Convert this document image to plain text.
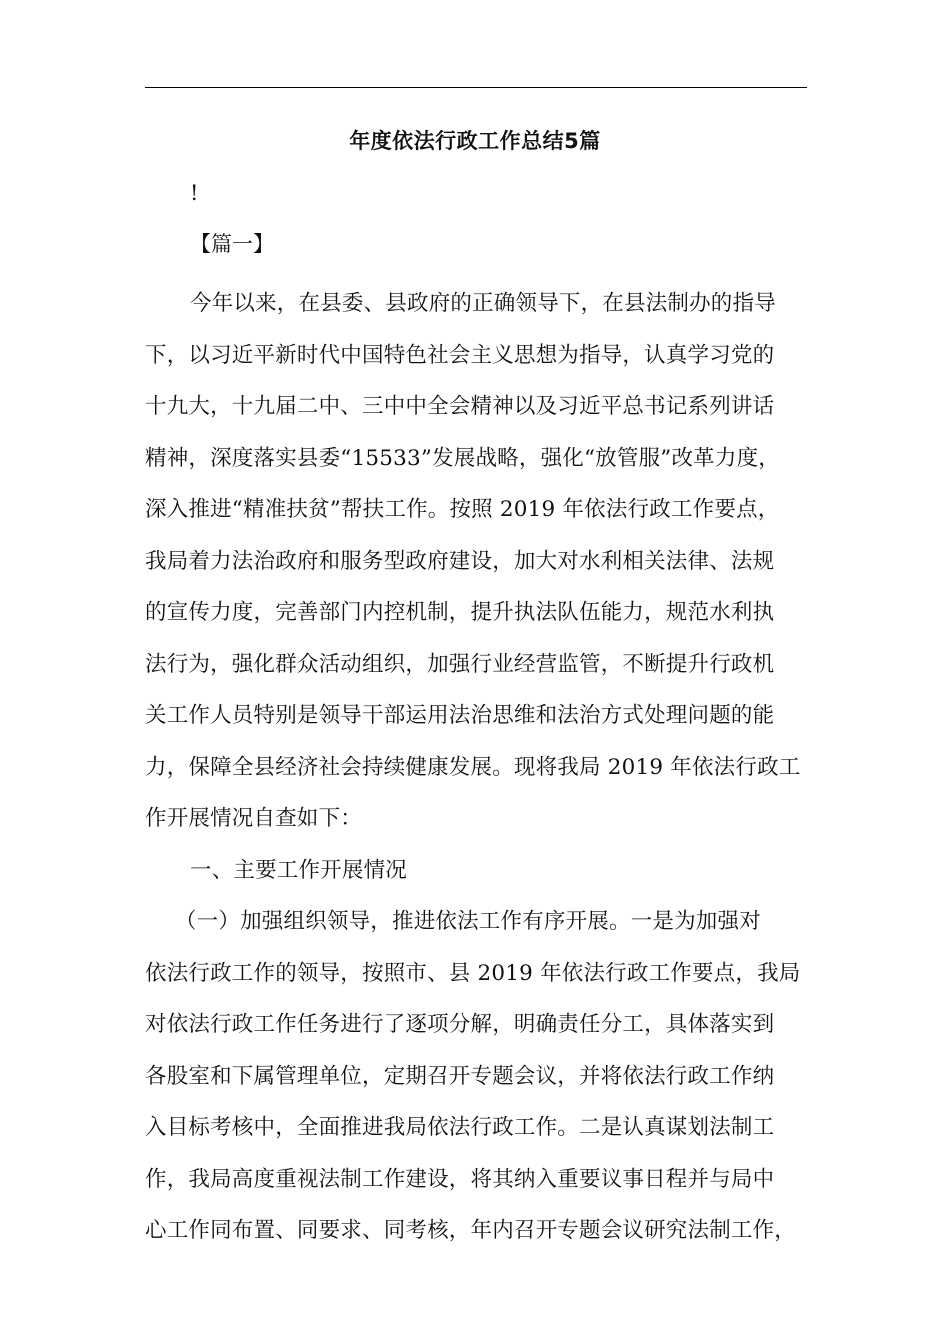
年度依法行政工作总结5篇
!
【篇一】
今年以来，在县委、县政府的正确领导下，在县法制办的指导
下，以习近平新时代中国特色社会主义思想为指导，认真学习党的
十九大，十九届二中、三中中全会精神以及习近平总书记系列讲话
精神，深度落实县委“15533”发展战略，强化“放管服”改革力度，
深入推进“精准扶贫”帮扶工作。按照 2019 年依法行政工作要点，
我局着力法治政府和服务型政府建设，加大对水利相关法律、法规
的宣传力度，完善部门内控机制，提升执法队伍能力，规范水利执
法行为，强化群众活动组织，加强行业经营监管，不断提升行政机
关工作人员特别是领导干部运用法治思维和法治方式处理问题的能
力，保障全县经济社会持续健康发展。现将我局 2019 年依法行政工
作开展情况自查如下：
一、主要工作开展情况
（一）加强组织领导，推进依法工作有序开展。一是为加强对
依法行政工作的领导，按照市、县 2019 年依法行政工作要点，我局
对依法行政工作任务进行了逐项分解，明确责任分工，具体落实到
各股室和下属管理单位，定期召开专题会议，并将依法行政工作纳
入目标考核中，全面推进我局依法行政工作。二是认真谋划法制工
作，我局高度重视法制工作建设，将其纳入重要议事日程并与局中
心工作同布置、同要求、同考核，年内召开专题会议研究法制工作，
